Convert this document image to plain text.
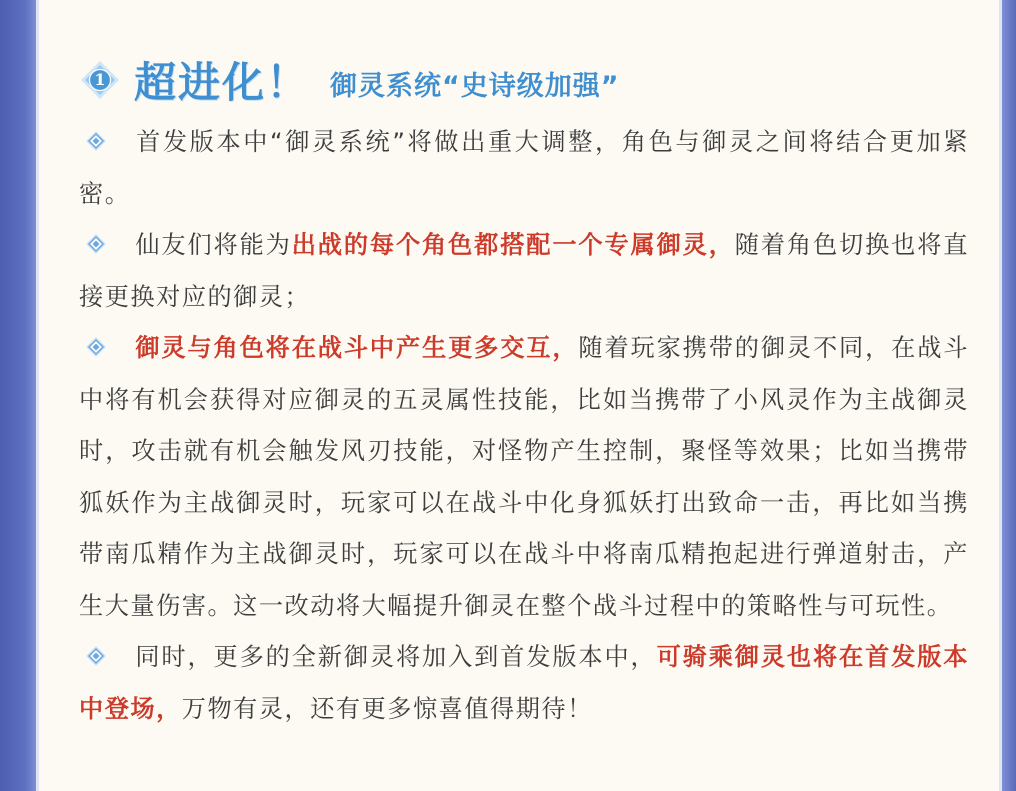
1 超进化！ 御灵系统“史诗级加强”

首发版本中“御灵系统”将做出重大调整，角色与御灵之间将结合更加紧密。

仙友们将能为出战的每个角色都搭配一个专属御灵，随着角色切换也将直接更换对应的御灵；

御灵与角色将在战斗中产生更多交互，随着玩家携带的御灵不同，在战斗中将有机会获得对应御灵的五灵属性技能，比如当携带了小风灵作为主战御灵时，攻击就有机会触发风刃技能，对怪物产生控制，聚怪等效果；比如当携带狐妖作为主战御灵时，玩家可以在战斗中化身狐妖打出致命一击，再比如当携带南瓜精作为主战御灵时，玩家可以在战斗中将南瓜精抱起进行弹道射击，产生大量伤害。这一改动将大幅提升御灵在整个战斗过程中的策略性与可玩性。

同时，更多的全新御灵将加入到首发版本中，可骑乘御灵也将在首发版本中登场，万物有灵，还有更多惊喜值得期待！
